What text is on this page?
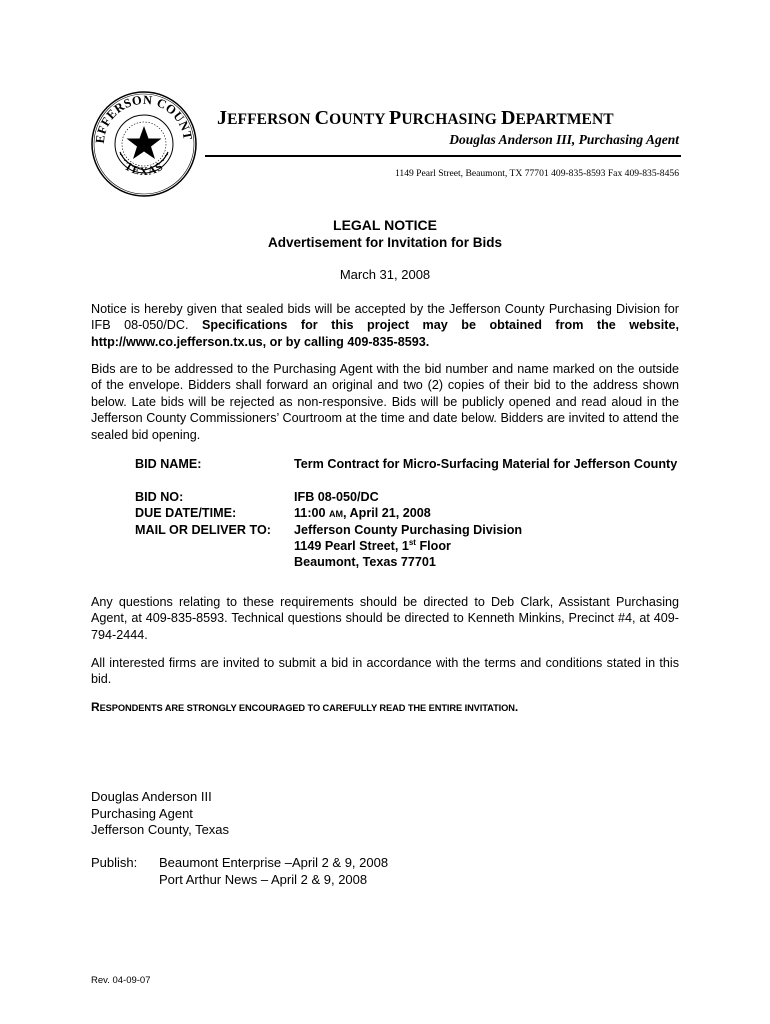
EFFERSON COUNT
TEXAS
JEFFERSON COUNTY PURCHASING DEPARTMENT
Douglas Anderson III, Purchasing Agent
1149 Pearl Street, Beaumont, TX 77701 409-835-8593 Fax 409-835-8456
LEGAL NOTICE
Advertisement for Invitation for Bids
March 31, 2008
Notice is hereby given that sealed bids will be accepted by the Jefferson County Purchasing Division for IFB 08-050/DC. Specifications for this project may be obtained from the website, http://www.co.jefferson.tx.us, or by calling 409-835-8593.
Bids are to be addressed to the Purchasing Agent with the bid number and name marked on the outside of the envelope. Bidders shall forward an original and two (2) copies of their bid to the address shown below. Late bids will be rejected as non-responsive. Bids will be publicly opened and read aloud in the Jefferson County Commissioners’ Courtroom at the time and date below. Bidders are invited to attend the sealed bid opening.
BID NAME:	Term Contract for Micro-Surfacing Material for Jefferson County
BID NO:	IFB 08-050/DC
DUE DATE/TIME:	11:00 AM, April 21, 2008
MAIL OR DELIVER TO: Jefferson County Purchasing Division
1149 Pearl Street, 1st Floor
Beaumont, Texas 77701
Any questions relating to these requirements should be directed to Deb Clark, Assistant Purchasing Agent, at 409-835-8593. Technical questions should be directed to Kenneth Minkins, Precinct #4, at 409-794-2444.
All interested firms are invited to submit a bid in accordance with the terms and conditions stated in this bid.
RESPONDENTS ARE STRONGLY ENCOURAGED TO CAREFULLY READ THE ENTIRE INVITATION.
Douglas Anderson III
Purchasing Agent
Jefferson County, Texas
Publish: Beaumont Enterprise –April 2 & 9, 2008
Port Arthur News – April 2 & 9, 2008
Rev. 04-09-07
